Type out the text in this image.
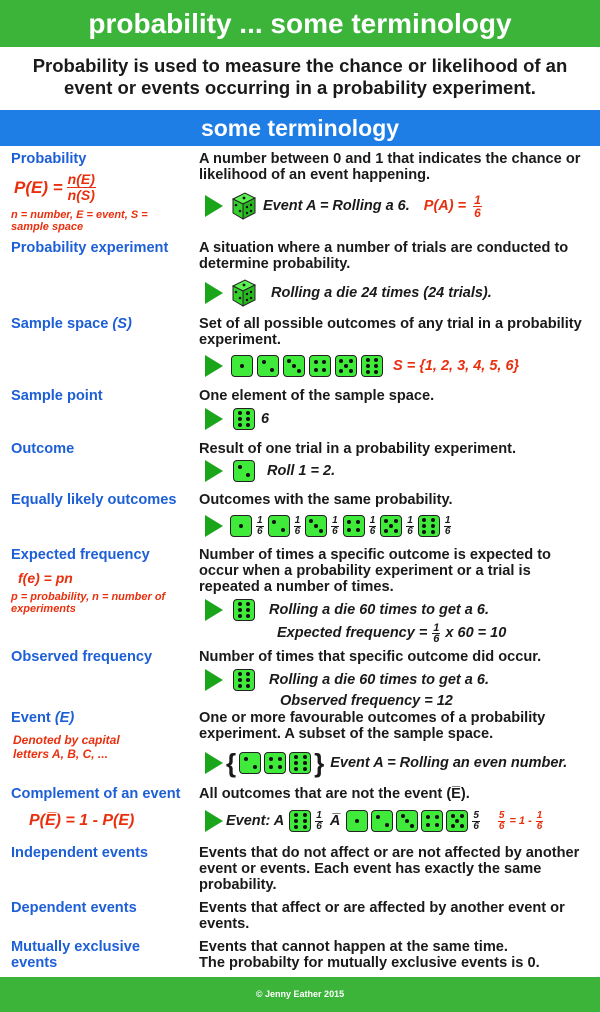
probability ... some terminology
Probability is used to measure the chance or likelihood of an event or events occurring in a probability experiment.
some terminology
Probability
$P(E) = \frac{n(E)}{n(S)}$
n = number, E = event, S = sample space
A number between 0 and 1 that indicates the chance or likelihood of an event happening.
Event A = Rolling a 6. $P(A) = \frac{1}{6}$
Probability experiment A situation where a number of trials are conducted to determine probability.
Rolling a die 24 times (24 trials).
Sample space (S)	Set of all possible outcomes of any trial in a probability experiment.
S = {1, 2, 3, 4, 5, 6}
Sample point	One element of the sample space.
6
Outcome	Result of one trial in a probability experiment.
Roll 1 = 2.
Equally likely outcomes Outcomes with the same probability.
$\frac{1}{6}$	$\frac{1}{6}$	$\frac{1}{6}$	$\frac{1}{6}$	$\frac{1}{6}$	$\frac{1}{6}$
Expected frequency
f(e) = pn
p = probability, n = number of experiments
Number of times a specific outcome is expected to occur when a probability experiment or a trial is repeated a number of times.
Rolling a die 60 times to get a 6.
Expected frequency = $\frac{1}{6}$ x 60 = 10
Observed frequency	Number of times that specific outcome did occur.
Rolling a die 60 times to get a 6.
Observed frequency = 12
Event (E)
Denoted by capital letters A, B, C, ...
One or more favourable outcomes of a probability experiment. A subset of the sample space.
{	} Event A = Rolling an even number.
Complement of an event
P(E̅) = 1 - P(E)
All outcomes that are not the event (E̅).
Event: A	$\frac{1}{6}$ A̅	$\frac{5}{6} \frac{5}{6} = 1 - \frac{1}{6}$
Independent events	Events that do not affect or are not affected by another event or events. Each event has exactly the same probability.
Dependent events	Events that affect or are affected by another event or events.
Mutually exclusive events
Events that cannot happen at the same time.
The probabilty for mutually exclusive events is 0.
© Jenny Eather 2015
